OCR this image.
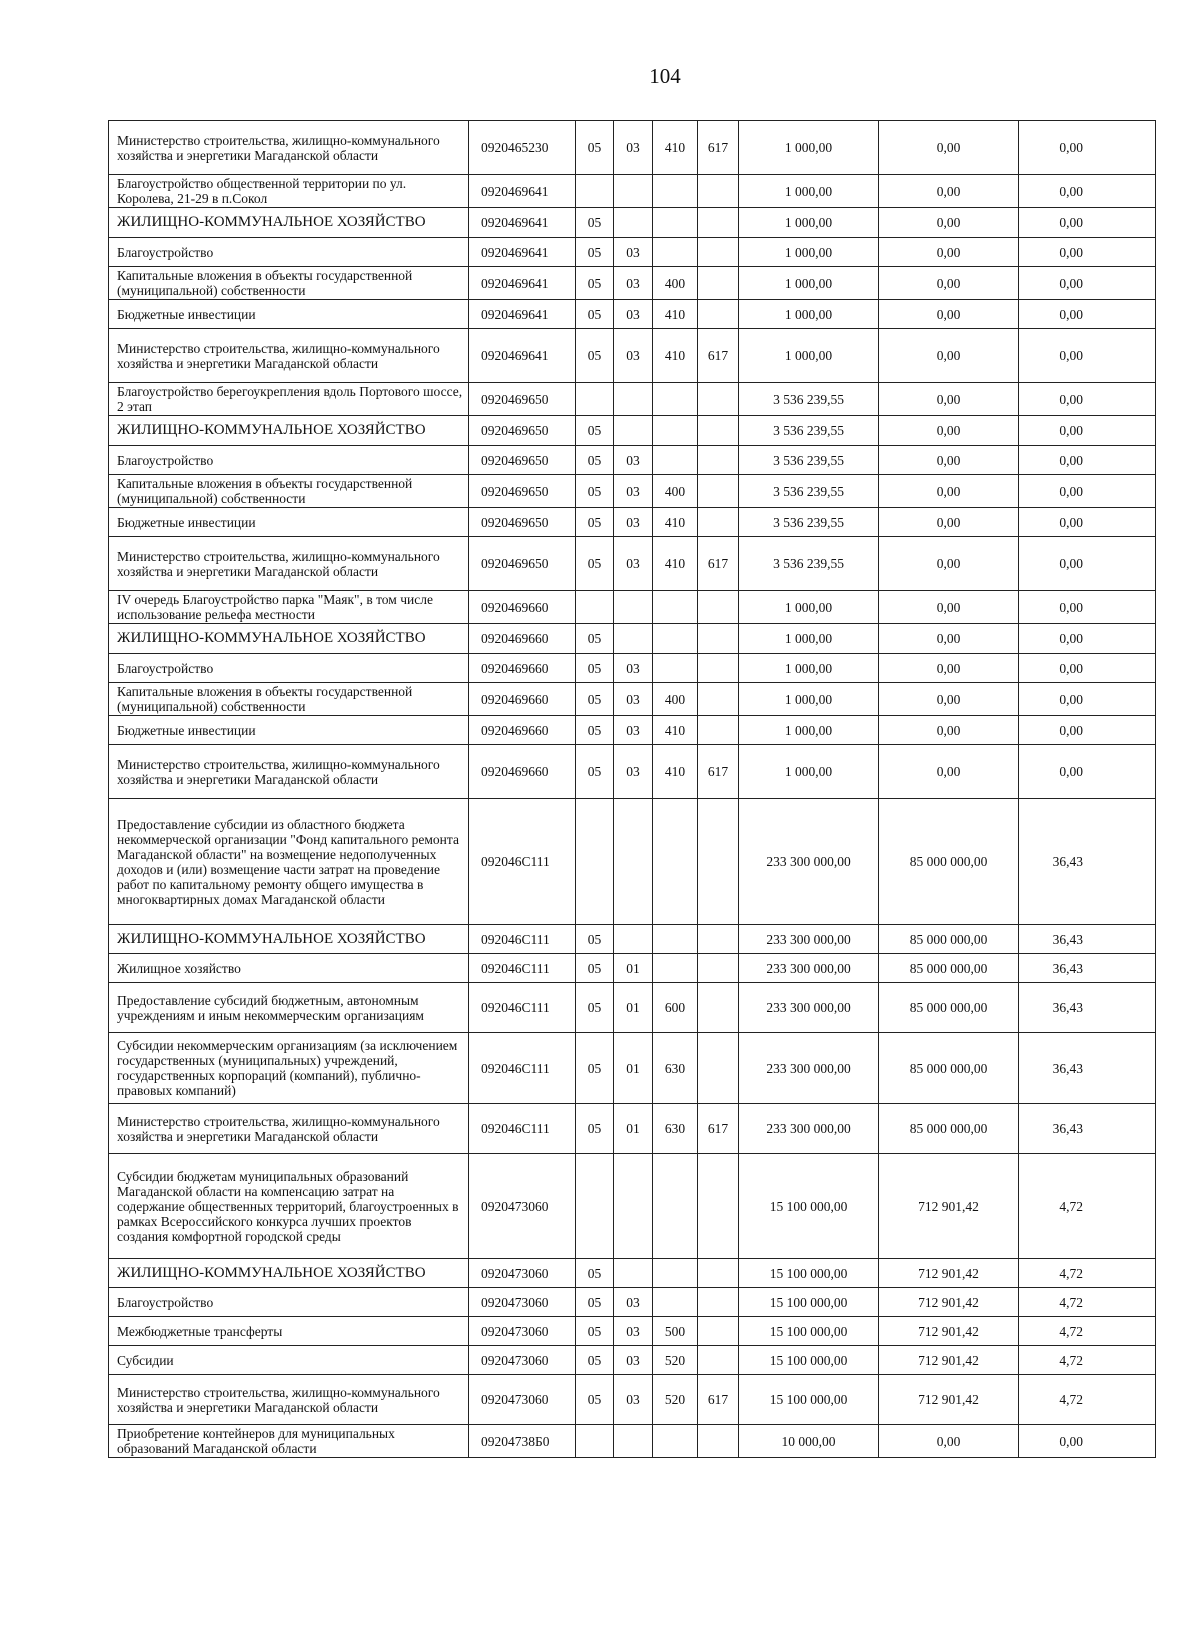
104
Министерство строительства, жилищно-коммунального хозяйства и энергетики Магаданской области	0920465230	05	03	410	617	1 000,00	0,00	0,00
Благоустройство общественной территории по ул. Королева, 21-29 в п.Сокол	0920469641					1 000,00	0,00	0,00
ЖИЛИЩНО-КОММУНАЛЬНОЕ ХОЗЯЙСТВО	0920469641	05				1 000,00	0,00	0,00
Благоустройство	0920469641	05	03			1 000,00	0,00	0,00
Капитальные вложения в объекты государственной (муниципальной) собственности	0920469641	05	03	400		1 000,00	0,00	0,00
Бюджетные инвестиции	0920469641	05	03	410		1 000,00	0,00	0,00
Министерство строительства, жилищно-коммунального хозяйства и энергетики Магаданской области	0920469641	05	03	410	617	1 000,00	0,00	0,00
Благоустройство берегоукрепления вдоль Портового шоссе, 2 этап	0920469650					3 536 239,55	0,00	0,00
ЖИЛИЩНО-КОММУНАЛЬНОЕ ХОЗЯЙСТВО	0920469650	05				3 536 239,55	0,00	0,00
Благоустройство	0920469650	05	03			3 536 239,55	0,00	0,00
Капитальные вложения в объекты государственной (муниципальной) собственности	0920469650	05	03	400		3 536 239,55	0,00	0,00
Бюджетные инвестиции	0920469650	05	03	410		3 536 239,55	0,00	0,00
Министерство строительства, жилищно-коммунального хозяйства и энергетики Магаданской области	0920469650	05	03	410	617	3 536 239,55	0,00	0,00
IV очередь Благоустройство парка "Маяк", в том числе использование рельефа местности	0920469660					1 000,00	0,00	0,00
ЖИЛИЩНО-КОММУНАЛЬНОЕ ХОЗЯЙСТВО	0920469660	05				1 000,00	0,00	0,00
Благоустройство	0920469660	05	03			1 000,00	0,00	0,00
Капитальные вложения в объекты государственной (муниципальной) собственности	0920469660	05	03	400		1 000,00	0,00	0,00
Бюджетные инвестиции	0920469660	05	03	410		1 000,00	0,00	0,00
Министерство строительства, жилищно-коммунального хозяйства и энергетики Магаданской области	0920469660	05	03	410	617	1 000,00	0,00	0,00
Предоставление субсидии из областного бюджета некоммерческой организации "Фонд капитального ремонта Магаданской области" на возмещение недополученных доходов и (или) возмещение части затрат на проведение работ по капитальному ремонту общего имущества в многоквартирных домах Магаданской области	092046С111					233 300 000,00	85 000 000,00	36,43
ЖИЛИЩНО-КОММУНАЛЬНОЕ ХОЗЯЙСТВО	092046С111	05				233 300 000,00	85 000 000,00	36,43
Жилищное хозяйство	092046С111	05	01			233 300 000,00	85 000 000,00	36,43
Предоставление субсидий бюджетным, автономным учреждениям и иным некоммерческим организациям	092046С111	05	01	600		233 300 000,00	85 000 000,00	36,43
Субсидии некоммерческим организациям (за исключением государственных (муниципальных) учреждений, государственных корпораций (компаний), публично-правовых компаний)	092046С111	05	01	630		233 300 000,00	85 000 000,00	36,43
Министерство строительства, жилищно-коммунального хозяйства и энергетики Магаданской области	092046С111	05	01	630	617	233 300 000,00	85 000 000,00	36,43
Субсидии бюджетам муниципальных образований Магаданской области на компенсацию затрат на содержание общественных территорий, благоустроенных в рамках Всероссийского конкурса лучших проектов создания комфортной городской среды	0920473060					15 100 000,00	712 901,42	4,72
ЖИЛИЩНО-КОММУНАЛЬНОЕ ХОЗЯЙСТВО	0920473060	05				15 100 000,00	712 901,42	4,72
Благоустройство	0920473060	05	03			15 100 000,00	712 901,42	4,72
Межбюджетные трансферты	0920473060	05	03	500		15 100 000,00	712 901,42	4,72
Субсидии	0920473060	05	03	520		15 100 000,00	712 901,42	4,72
Министерство строительства, жилищно-коммунального хозяйства и энергетики Магаданской области	0920473060	05	03	520	617	15 100 000,00	712 901,42	4,72
Приобретение контейнеров для муниципальных образований Магаданской области	09204738Б0					10 000,00	0,00	0,00
